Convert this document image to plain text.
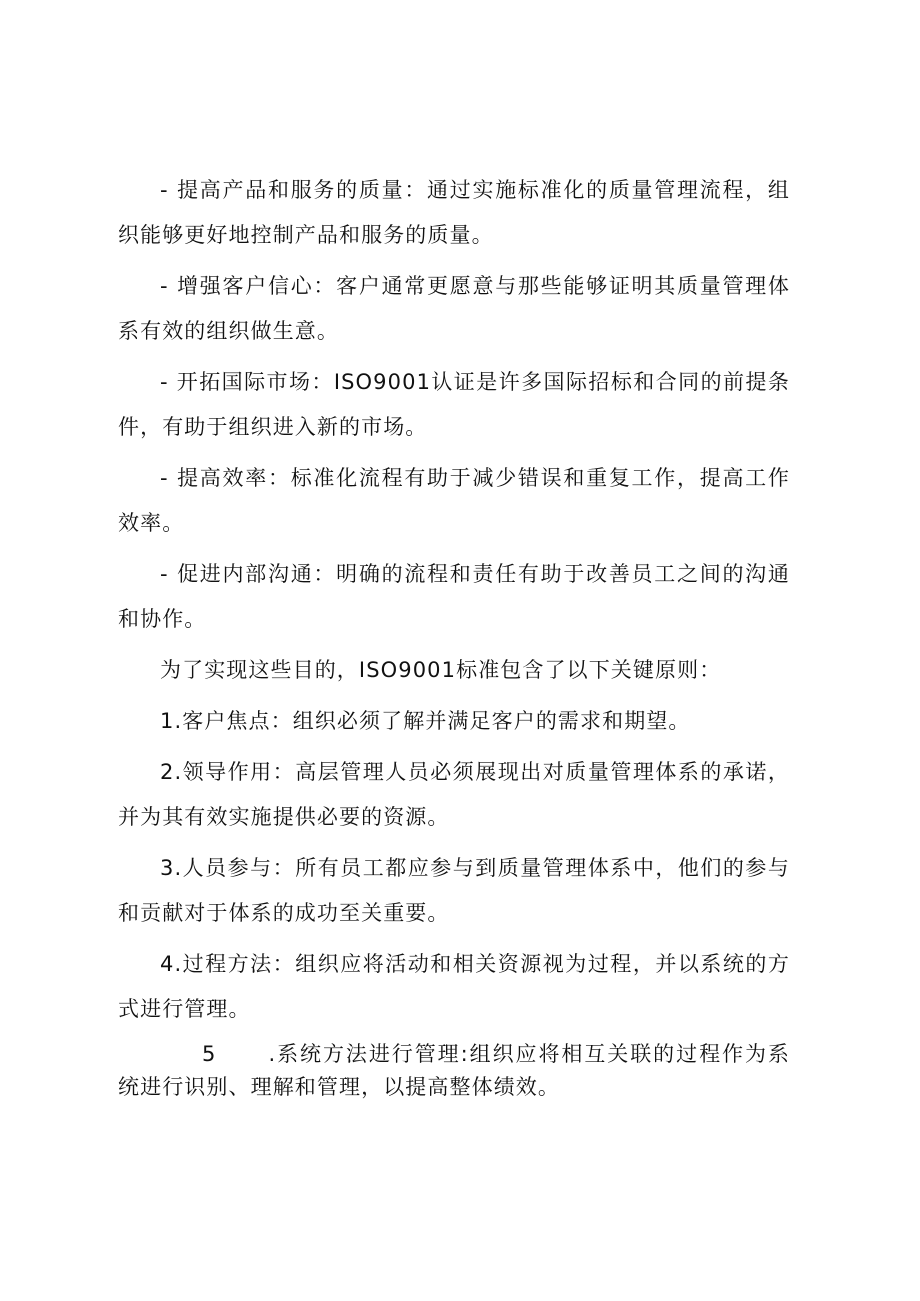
- 提高产品和服务的质量：通过实施标准化的质量管理流程，组织能够更好地控制产品和服务的质量。

- 增强客户信心：客户通常更愿意与那些能够证明其质量管理体系有效的组织做生意。

- 开拓国际市场：ISO9001认证是许多国际招标和合同的前提条件，有助于组织进入新的市场。

- 提高效率：标准化流程有助于减少错误和重复工作，提高工作效率。

- 促进内部沟通：明确的流程和责任有助于改善员工之间的沟通和协作。

为了实现这些目的，ISO9001标准包含了以下关键原则：

1.客户焦点：组织必须了解并满足客户的需求和期望。

2.领导作用：高层管理人员必须展现出对质量管理体系的承诺，并为其有效实施提供必要的资源。

3.人员参与：所有员工都应参与到质量管理体系中，他们的参与和贡献对于体系的成功至关重要。

4.过程方法：组织应将活动和相关资源视为过程，并以系统的方式进行管理。

5 .系统方法进行管理:组织应将相互关联的过程作为系统进行识别、理解和管理，以提高整体绩效。
